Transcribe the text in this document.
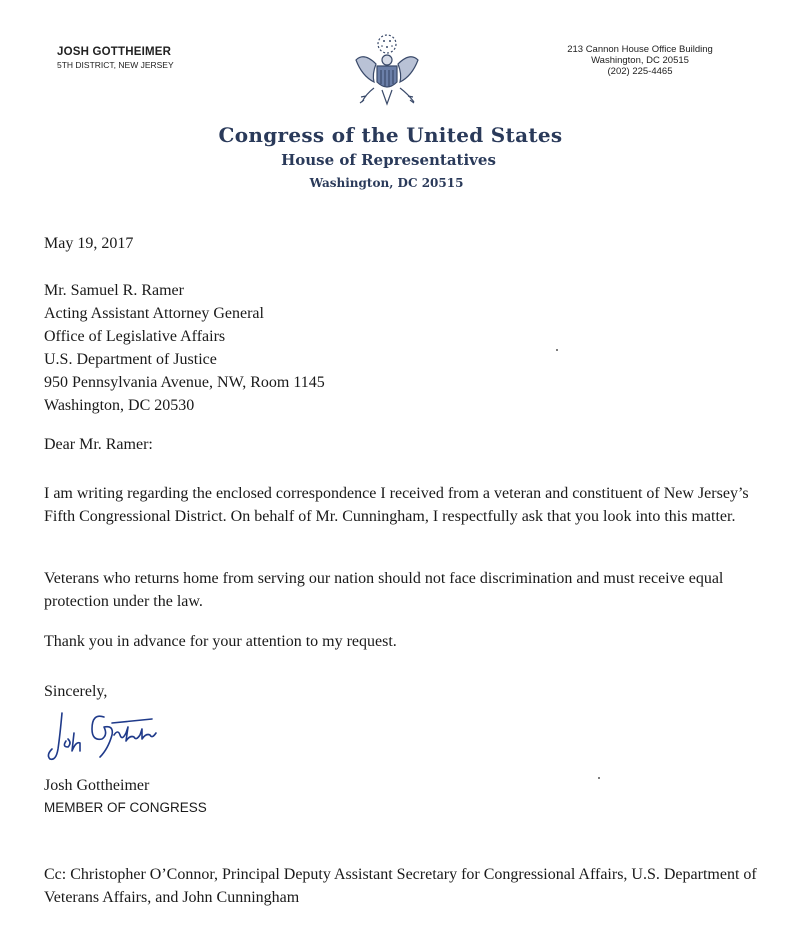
JOSH GOTTHEIMER
5TH DISTRICT, NEW JERSEY
213 Cannon House Office Building
Washington, DC 20515
(202) 225-4465
Congress of the United States
House of Representatives
Washington, DC 20515
May 19, 2017
Mr. Samuel R. Ramer
Acting Assistant Attorney General
Office of Legislative Affairs
U.S. Department of Justice
950 Pennsylvania Avenue, NW, Room 1145
Washington, DC 20530
Dear Mr. Ramer:
I am writing regarding the enclosed correspondence I received from a veteran and constituent of New Jersey’s Fifth Congressional District. On behalf of Mr. Cunningham, I respectfully ask that you look into this matter.
Veterans who returns home from serving our nation should not face discrimination and must receive equal protection under the law.
Thank you in advance for your attention to my request.
Sincerely,
Josh Gottheimer
MEMBER OF CONGRESS
Cc: Christopher O’Connor, Principal Deputy Assistant Secretary for Congressional Affairs, U.S. Department of Veterans Affairs, and John Cunningham
